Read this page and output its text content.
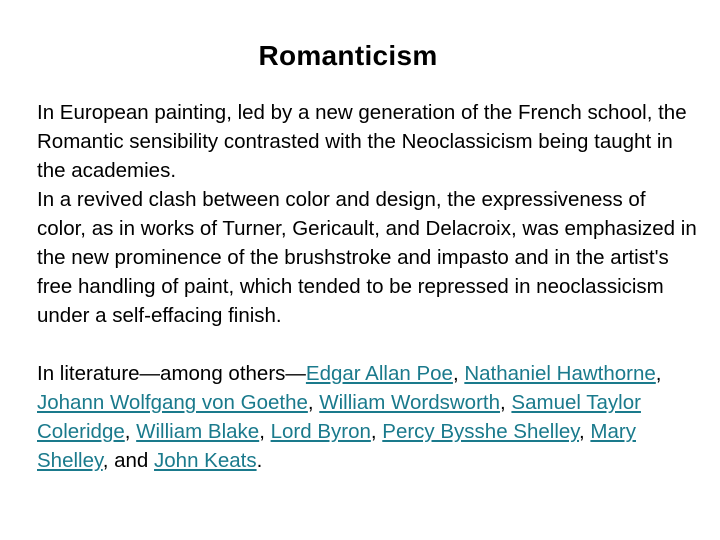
Romanticism

In European painting, led by a new generation of the French school, the Romantic sensibility contrasted with the Neoclassicism being taught in the academies.

In a revived clash between color and design, the expressiveness of color, as in works of Turner, Gericault, and Delacroix, was emphasized in the new prominence of the brushstroke and impasto and in the artist's free handling of paint, which tended to be repressed in neoclassicism under a self-effacing finish.

In literature—among others—Edgar Allan Poe, Nathaniel Hawthorne, Johann Wolfgang von Goethe, William Wordsworth, Samuel Taylor Coleridge, William Blake, Lord Byron, Percy Bysshe Shelley, Mary Shelley, and John Keats.
